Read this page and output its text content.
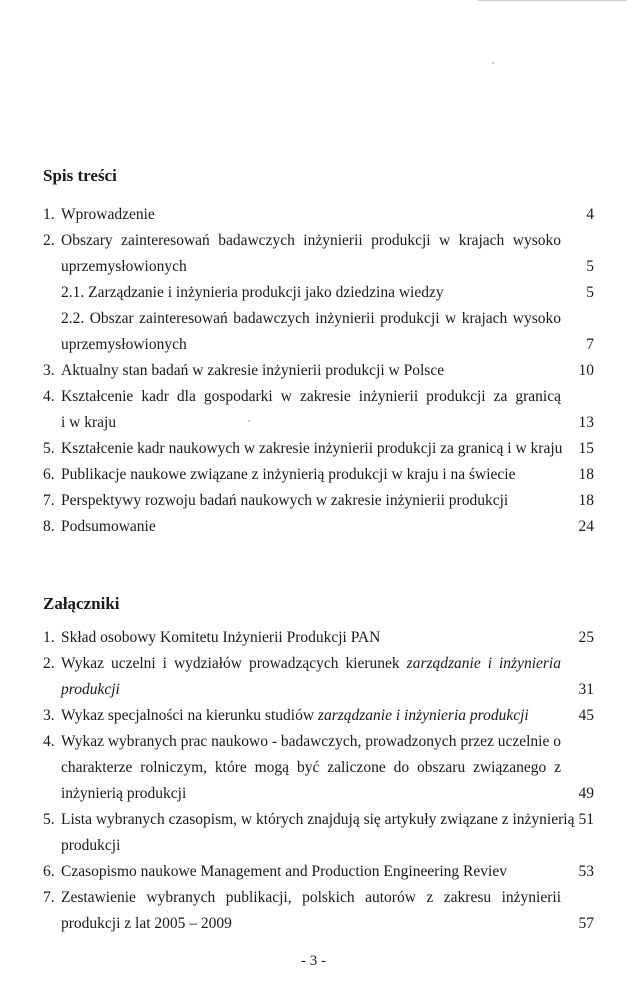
Spis treści
1. Wprowadzenie	4
2. Obszary zainteresowań badawczych inżynierii produkcji w krajach wysoko
uprzemysłowionych	5
2.1. Zarządzanie i inżynieria produkcji jako dziedzina wiedzy	5
2.2. Obszar zainteresowań badawczych inżynierii produkcji w krajach wysoko
uprzemysłowionych	7
3. Aktualny stan badań w zakresie inżynierii produkcji w Polsce	10
4. Kształcenie kadr dla gospodarki w zakresie inżynierii produkcji za granicą
i w kraju	13
5. Kształcenie kadr naukowych w zakresie inżynierii produkcji za granicą i w kraju 15
6. Publikacje naukowe związane z inżynierią produkcji w kraju i na świecie	18
7. Perspektywy rozwoju badań naukowych w zakresie inżynierii produkcji	18
8. Podsumowanie	24
Załączniki
1. Skład osobowy Komitetu Inżynierii Produkcji PAN	25
2. Wykaz uczelni i wydziałów prowadzących kierunek zarządzanie i inżynieria
produkcji	31
3. Wykaz specjalności na kierunku studiów zarządzanie i inżynieria produkcji	45
4. Wykaz wybranych prac naukowo - badawczych, prowadzonych przez uczelnie o
charakterze rolniczym, które mogą być zaliczone do obszaru związanego z
inżynierią produkcji	49
5. Lista wybranych czasopism, w których znajdują się artykuły związane z inżynierią 51
produkcji
6. Czasopismo naukowe Management and Production Engineering Reviev	53
7. Zestawienie wybranych publikacji, polskich autorów z zakresu inżynierii
produkcji z lat 2005 – 2009	57
- 3 -
